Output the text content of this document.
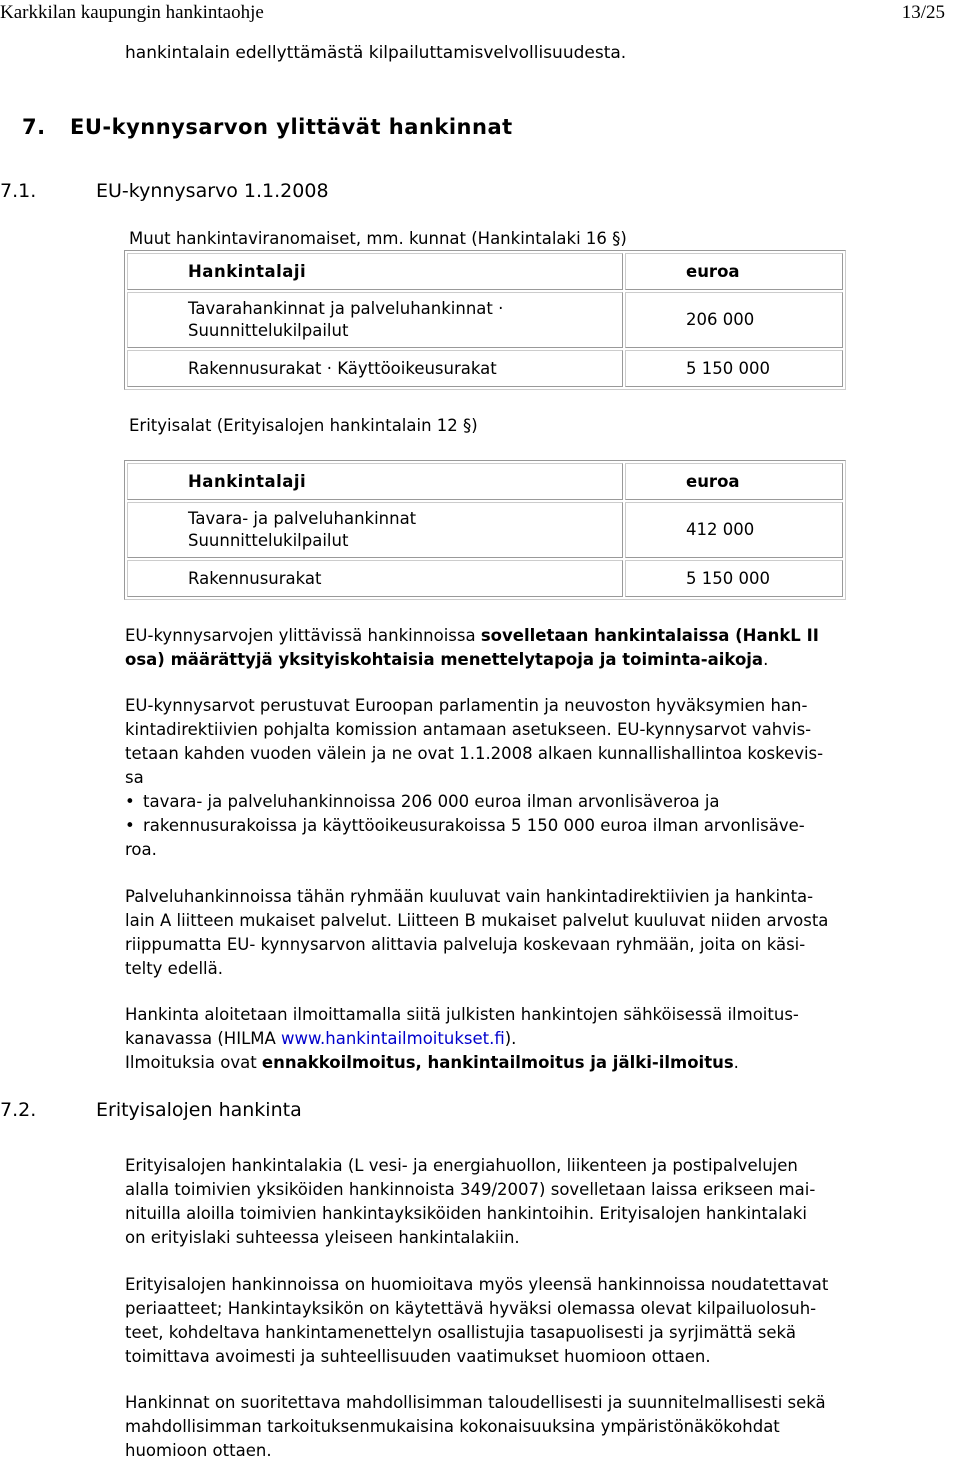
Karkkilan kaupungin hankintaohje	13/25
hankintalain edellyttämästä kilpailuttamisvelvollisuudesta.
7. EU-kynnysarvon ylittävät hankinnat
7.1.	EU-kynnysarvo 1.1.2008
Muut hankintaviranomaiset, mm. kunnat (Hankintalaki 16 §)
Hankintalaji	euroa

Tavarahankinnat ja palveluhankinnat ·
Suunnittelukilpailut	206 000
Rakennusurakat · Käyttöoikeusurakat	5 150 000
Erityisalat (Erityisalojen hankintalain 12 §)
Hankintalaji	euroa

Tavara- ja palveluhankinnat
Suunnittelukilpailut	412 000
Rakennusurakat	5 150 000
EU-kynnysarvojen ylittävissä hankinnoissa sovelletaan hankintalaissa (HankL II
osa) määrättyjä yksityiskohtaisia menettelytapoja ja toiminta-aikoja.
EU-kynnysarvot perustuvat Euroopan parlamentin ja neuvoston hyväksymien han-
kintadirektiivien pohjalta komission antamaan asetukseen. EU-kynnysarvot vahvis-
tetaan kahden vuoden välein ja ne ovat 1.1.2008 alkaen kunnallishallintoa koskevis-
sa
• tavara- ja palveluhankinnoissa 206 000 euroa ilman arvonlisäveroa ja
• rakennusurakoissa ja käyttöoikeusurakoissa 5 150 000 euroa ilman arvonlisäve-
roa.
Palveluhankinnoissa tähän ryhmään kuuluvat vain hankintadirektiivien ja hankinta-
lain A liitteen mukaiset palvelut. Liitteen B mukaiset palvelut kuuluvat niiden arvosta
riippumatta EU- kynnysarvon alittavia palveluja koskevaan ryhmään, joita on käsi-
telty edellä.
Hankinta aloitetaan ilmoittamalla siitä julkisten hankintojen sähköisessä ilmoitus-
kanavassa (HILMA www.hankintailmoitukset.fi).
Ilmoituksia ovat ennakkoilmoitus, hankintailmoitus ja jälki-ilmoitus.
7.2.	Erityisalojen hankinta
Erityisalojen hankintalakia (L vesi- ja energiahuollon, liikenteen ja postipalvelujen
alalla toimivien yksiköiden hankinnoista 349/2007) sovelletaan laissa erikseen mai-
nituilla aloilla toimivien hankintayksiköiden hankintoihin. Erityisalojen hankintalaki
on erityislaki suhteessa yleiseen hankintalakiin.
Erityisalojen hankinnoissa on huomioitava myös yleensä hankinnoissa noudatettavat
periaatteet; Hankintayksikön on käytettävä hyväksi olemassa olevat kilpailuolosuh-
teet, kohdeltava hankintamenettelyn osallistujia tasapuolisesti ja syrjimättä sekä
toimittava avoimesti ja suhteellisuuden vaatimukset huomioon ottaen.
Hankinnat on suoritettava mahdollisimman taloudellisesti ja suunnitelmallisesti sekä
mahdollisimman tarkoituksenmukaisina kokonaisuuksina ympäristönäkökohdat
huomioon ottaen.
